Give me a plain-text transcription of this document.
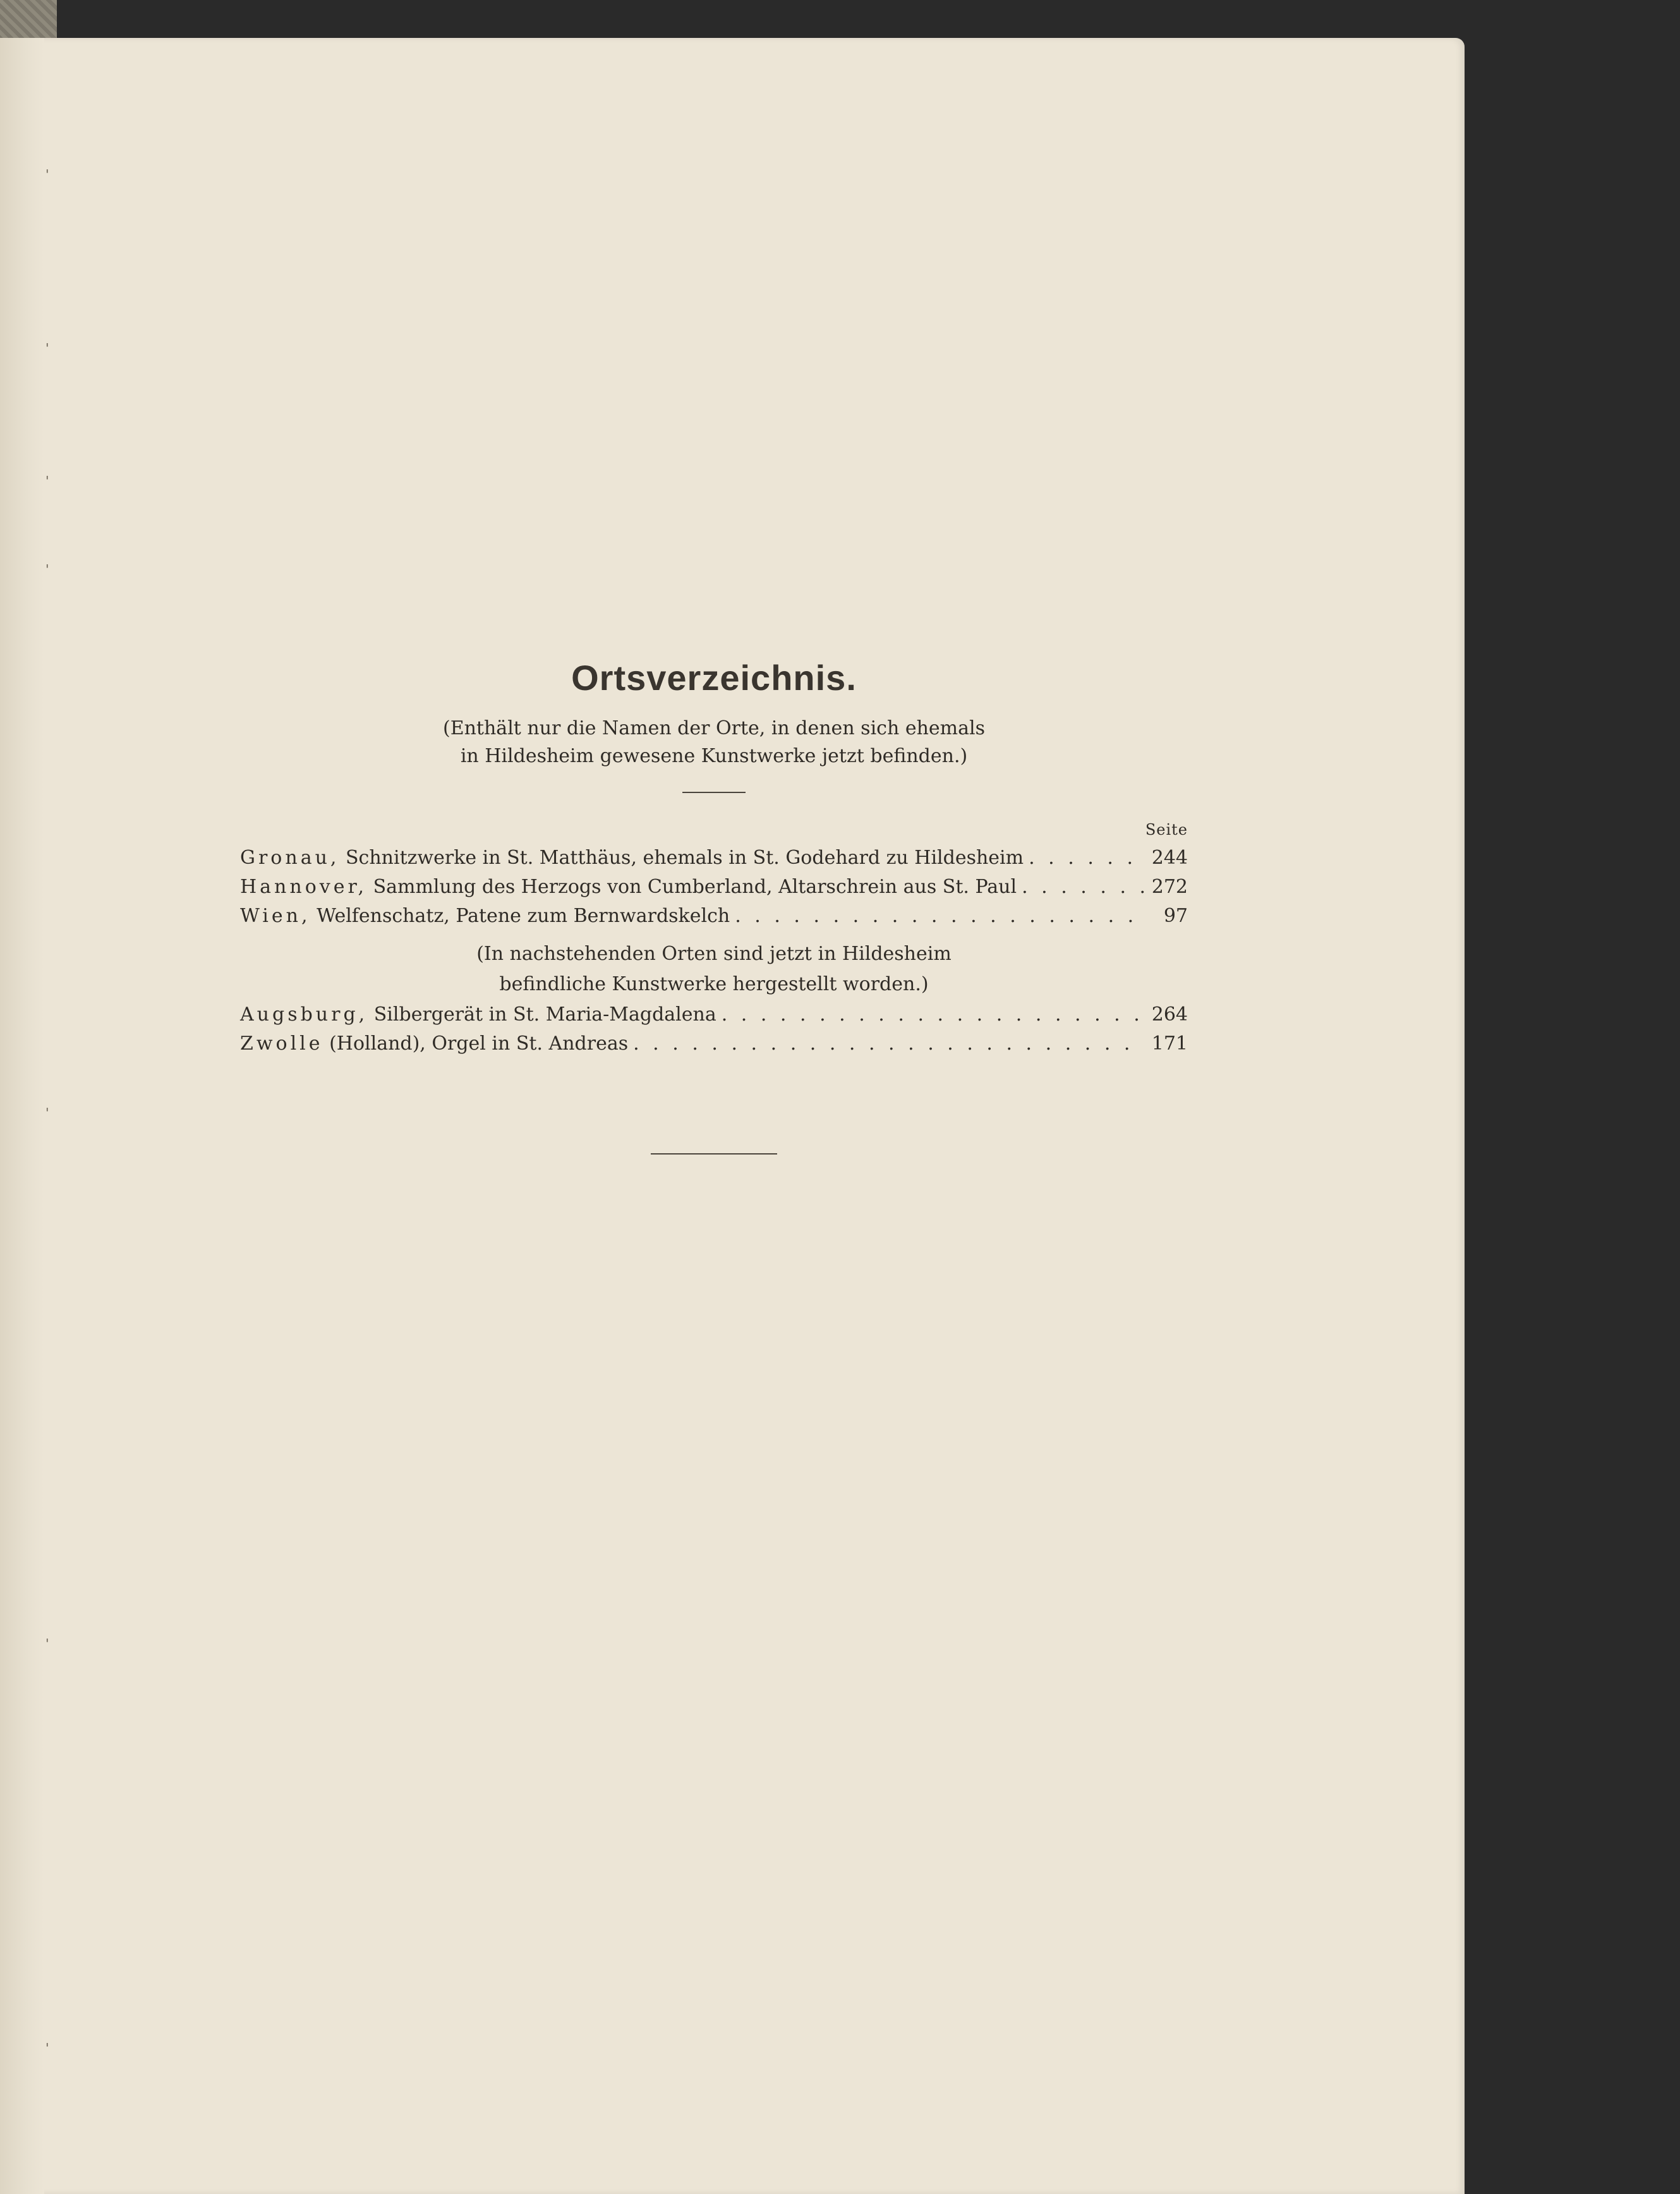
'
'
'
'
'
'
'
Ortsverzeichnis.

(Enthält nur die Namen der Orte, in denen sich ehemals

in Hildesheim gewesene Kunstwerke jetzt befinden.)

Seite

Gronau, Schnitzwerke in St. Matthäus, ehemals in St. Godehard zu Hildesheim . . .	244
Hannover, Sammlung des Herzogs von Cumberland, Altarschrein aus St. Paul . . .	272
Wien, Welfenschatz, Patene zum Bernwardskelch . . .	97

(In nachstehenden Orten sind jetzt in Hildesheim

befindliche Kunstwerke hergestellt worden.)

Augsburg, Silbergerät in St. Maria-Magdalena . . .	264
Zwolle (Holland), Orgel in St. Andreas . . .	171
